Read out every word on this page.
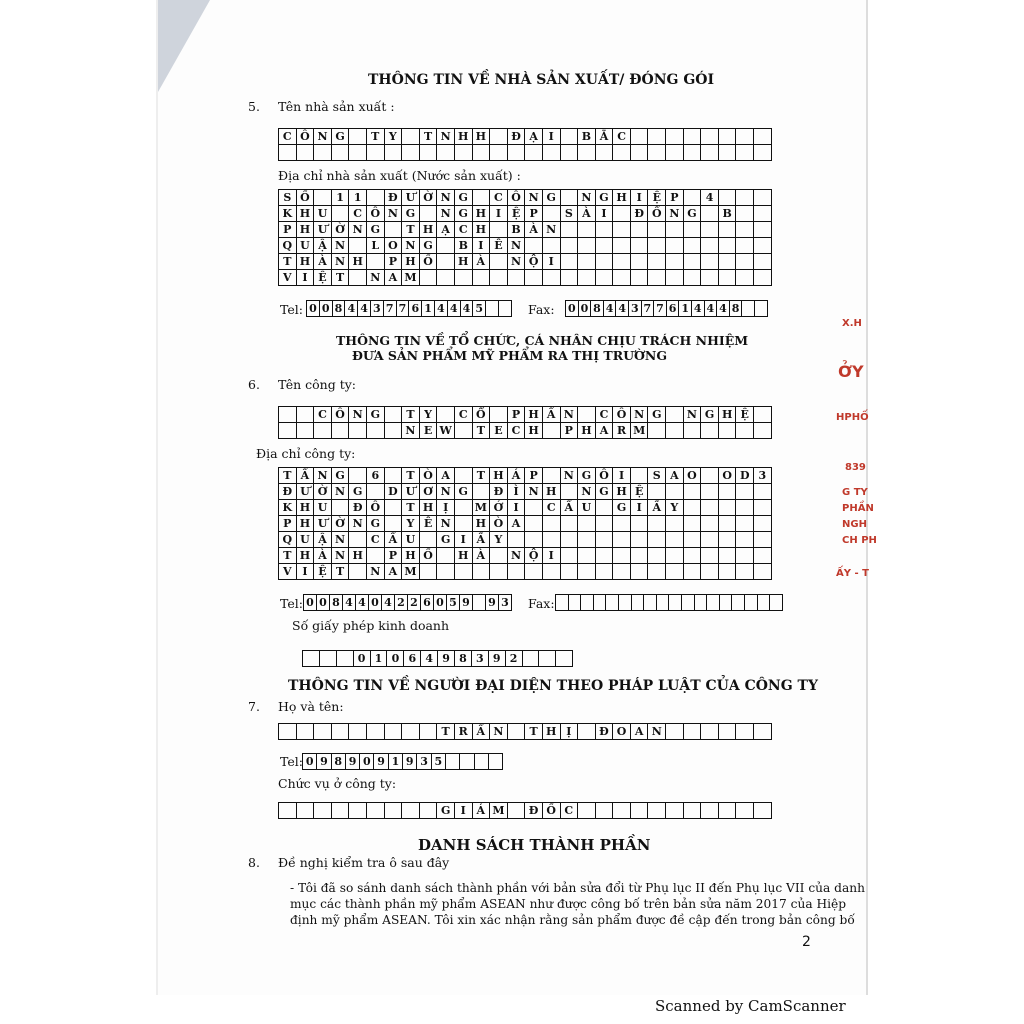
THÔNG TIN VỀ NHÀ SẢN XUẤT/ ĐÓNG GÓI
5. Tên nhà sản xuất :
C Ô N G	T Y	T N H H	Đ Ạ I	B Ắ C
Địa chỉ nhà sản xuất (Nước sản xuất) :
S Ố	1 1	Đ Ư Ờ N G	C Ô N G	N G H I Ệ P	4
K H U	C Ô N G	N G H I Ệ P	S À I	Đ Ồ N G	B
P H Ư Ờ N G	T H Ạ C H	B À N
Q U Ậ N	L O N G	B I Ê N
T H À N H	P H Ố	H À	N Ộ I
V I Ệ T	N A M
Tel: 0 0 8 4 4 3 7 7 6 1 4 4 4 5	Fax: 0 0 8 4 4 3 7 7 6 1 4 4 4 8
THÔNG TIN VỀ TỔ CHỨC, CÁ NHÂN CHỊU TRÁCH NHIỆM
ĐƯA SẢN PHẨM MỸ PHẨM RA THỊ TRƯỜNG
6. Tên công ty:
C Ô N G	T Y	C Ổ	P H Ầ N	C Ô N G	N G H Ệ
N E W	T E C H	P H A R M
Địa chỉ công ty:
T Ầ N G	6	T Ò A	T H Á P	N G Ô I	S A O	O D 3
Đ Ư Ờ N G	D Ư Ơ N G	Đ Ì N H	N G H Ệ
K H U	Đ Ô	T H Ị	M Ớ I	C Ầ U	G I Ấ Y
P H Ư Ờ N G	Y Ê N	H Ò A
Q U Ậ N	C Ầ U	G I Ấ Y
T H À N H	P H Ố	H À	N Ộ I
V I Ệ T	N A M
Tel: 0 0 8 4 4 0 4 2 2 6 0 5 9 9 3 Fax:
Số giấy phép kinh doanh
0 1 0 6 4 9 8 3 9 2
THÔNG TIN VỀ NGƯỜI ĐẠI DIỆN THEO PHÁP LUẬT CỦA CÔNG TY
7. Họ và tên:
T R Ầ N	T H Ị	Đ O A N
Tel: 0 9 8 9 0 9 1 9 3 5
Chức vụ ở công ty:
G I Á M	Đ Ố C
DANH SÁCH THÀNH PHẦN
8. Đề nghị kiểm tra ô sau đây
- Tôi đã so sánh danh sách thành phần với bản sửa đổi từ Phụ lục II đến Phụ lục VII của danh
mục các thành phần mỹ phẩm ASEAN như được công bố trên bản sửa năm 2017 của Hiệp
định mỹ phẩm ASEAN. Tôi xin xác nhận rằng sản phẩm được đề cập đến trong bản công bố
X.H
ỞY
HPHỐ
839
G TY
PHẦN
NGH
CH PH
ẤY - T
2
Scanned by CamScanner
